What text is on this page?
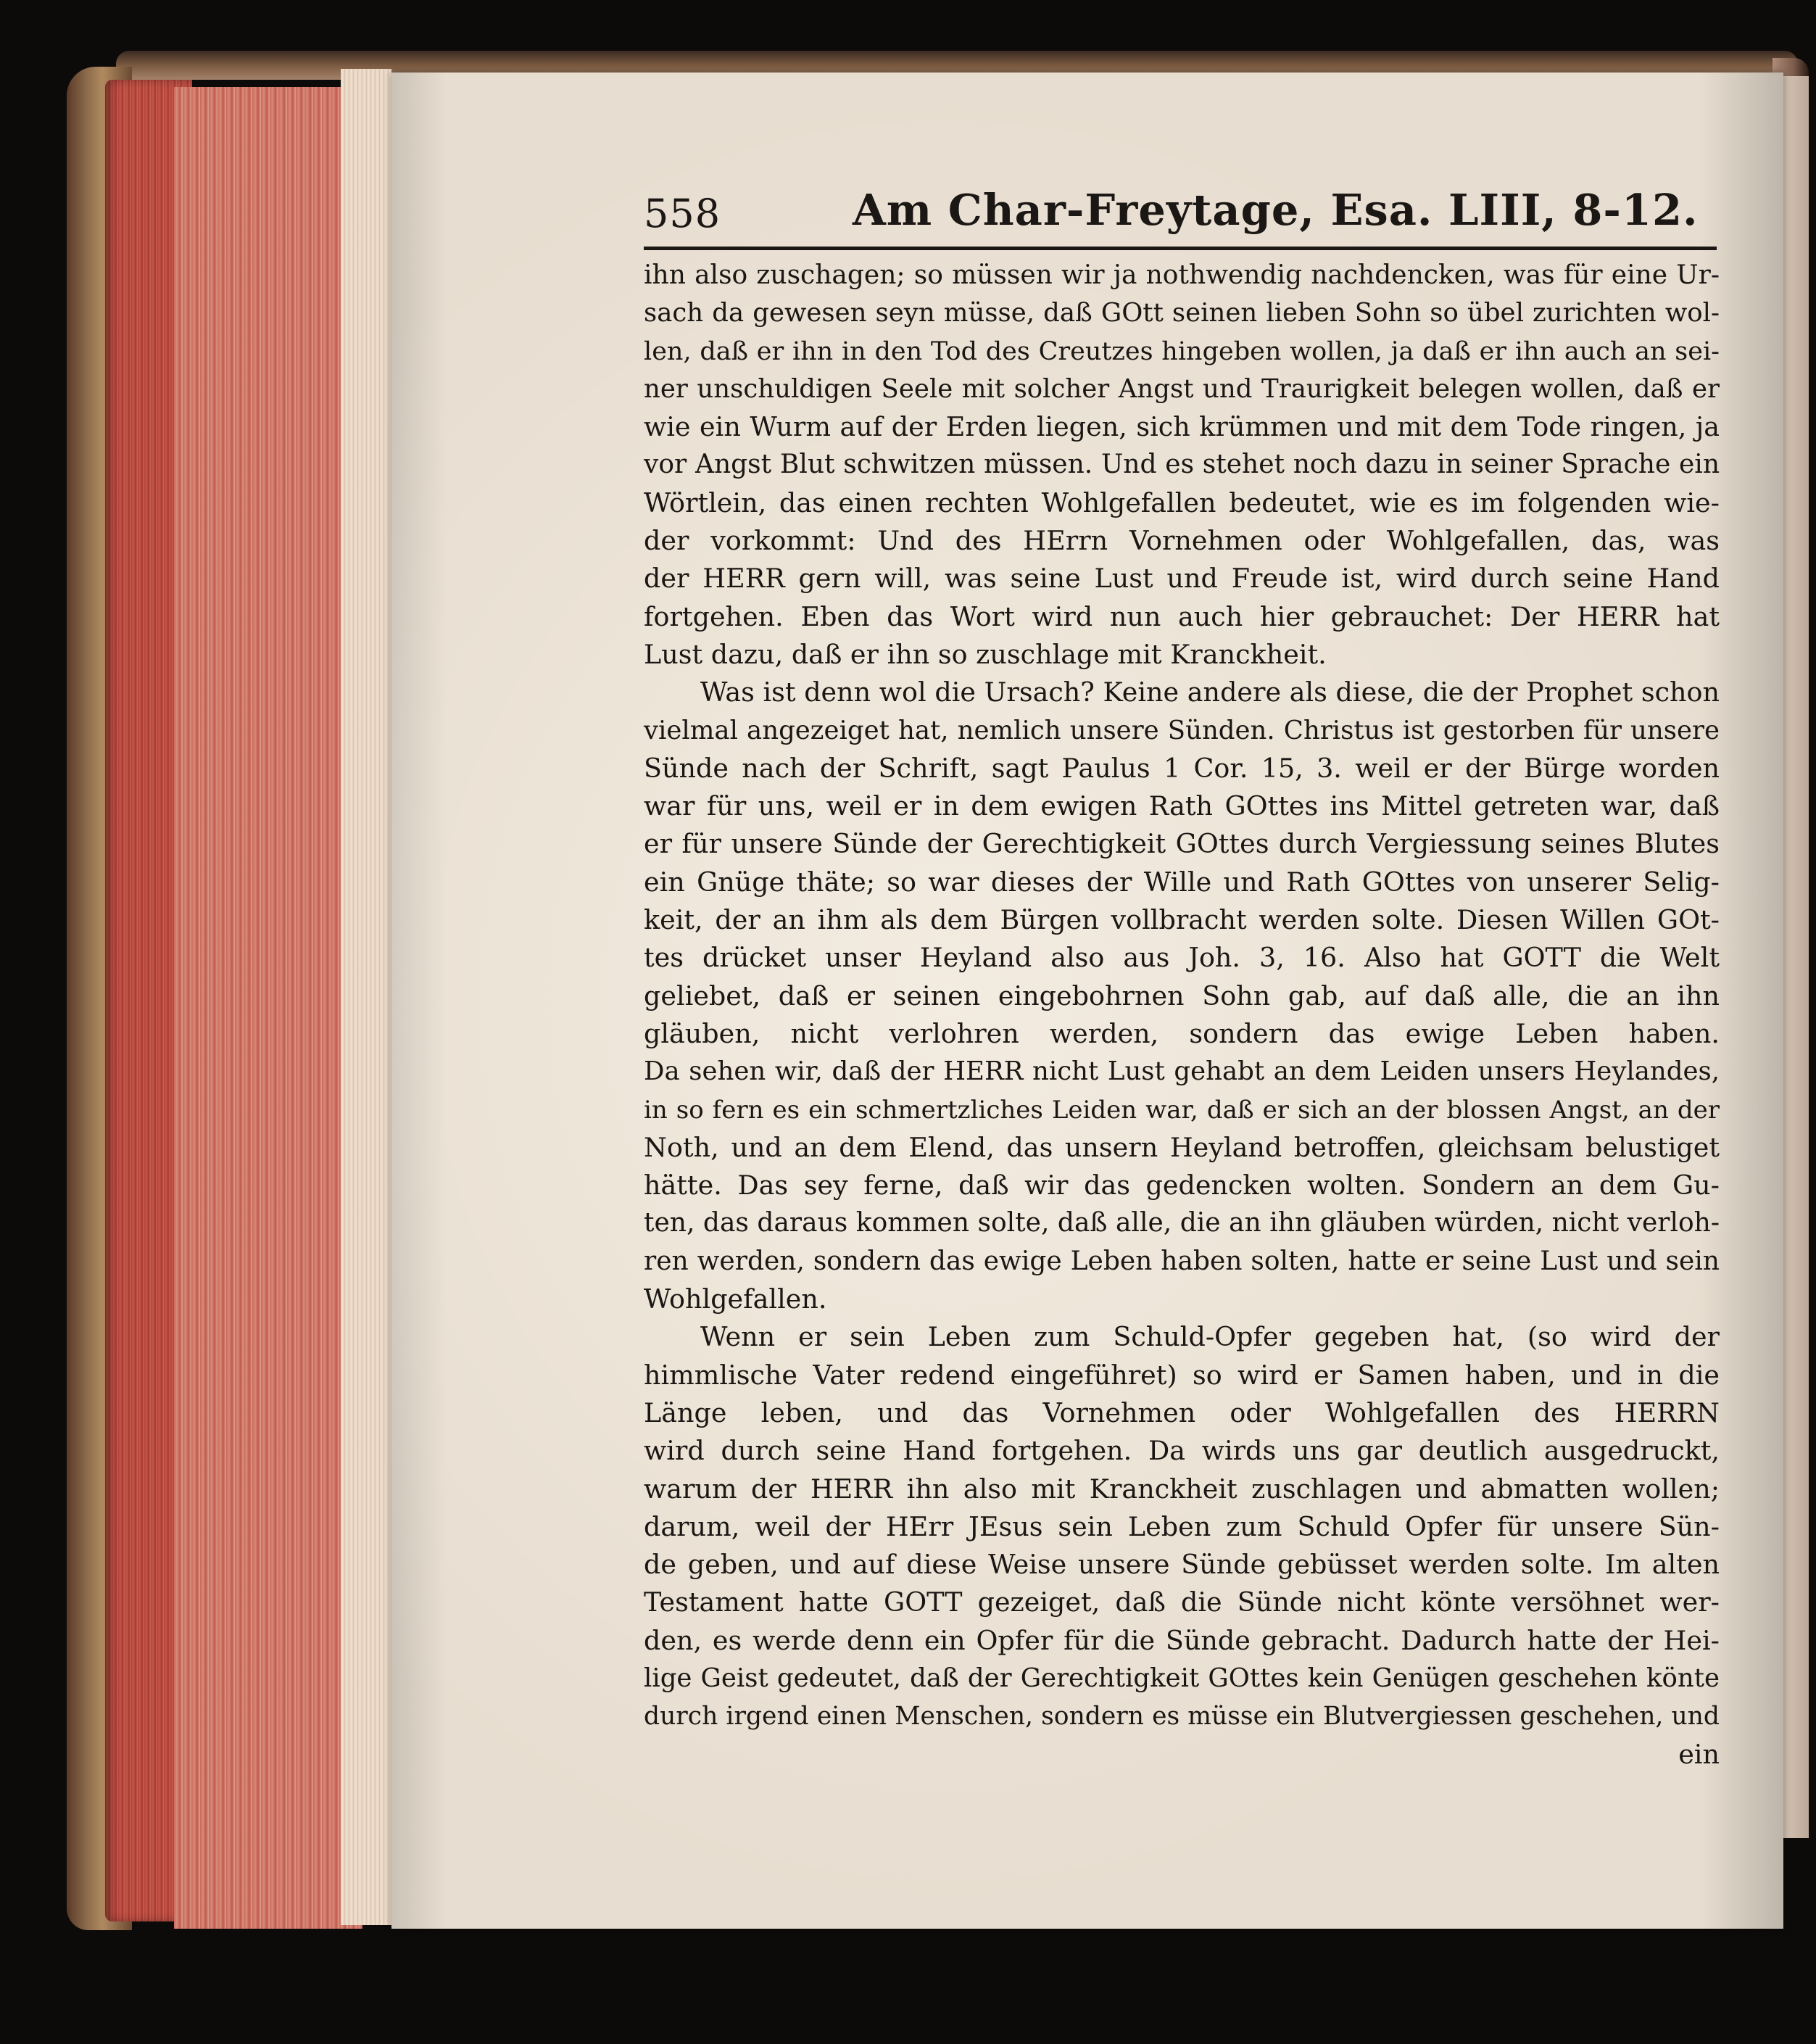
558	Am Char-Freytage, Esa. LIII, 8-12.
ihn also zuschagen; so müssen wir ja nothwendig nachdencken, was für eine Ur-
sach da gewesen seyn müsse, daß GOtt seinen lieben Sohn so übel zurichten wol-
len, daß er ihn in den Tod des Creutzes hingeben wollen, ja daß er ihn auch an sei-
ner unschuldigen Seele mit solcher Angst und Traurigkeit belegen wollen, daß er
wie ein Wurm auf der Erden liegen, sich krümmen und mit dem Tode ringen, ja
vor Angst Blut schwitzen müssen. Und es stehet noch dazu in seiner Sprache ein
Wörtlein, das einen rechten Wohlgefallen bedeutet, wie es im folgenden wie-
der vorkommt: Und des HErrn Vornehmen oder Wohlgefallen, das, was
der HERR gern will, was seine Lust und Freude ist, wird durch seine Hand
fortgehen. Eben das Wort wird nun auch hier gebrauchet: Der HERR hat
Lust dazu, daß er ihn so zuschlage mit Kranckheit.
Was ist denn wol die Ursach? Keine andere als diese, die der Prophet schon
vielmal angezeiget hat, nemlich unsere Sünden. Christus ist gestorben für unsere
Sünde nach der Schrift, sagt Paulus 1 Cor. 15, 3. weil er der Bürge worden
war für uns, weil er in dem ewigen Rath GOttes ins Mittel getreten war, daß
er für unsere Sünde der Gerechtigkeit GOttes durch Vergiessung seines Blutes
ein Gnüge thäte; so war dieses der Wille und Rath GOttes von unserer Selig-
keit, der an ihm als dem Bürgen vollbracht werden solte. Diesen Willen GOt-
tes drücket unser Heyland also aus Joh. 3, 16. Also hat GOTT die Welt
geliebet, daß er seinen eingebohrnen Sohn gab, auf daß alle, die an ihn
gläuben, nicht verlohren werden, sondern das ewige Leben haben.
Da sehen wir, daß der HERR nicht Lust gehabt an dem Leiden unsers Heylandes,
in so fern es ein schmertzliches Leiden war, daß er sich an der blossen Angst, an der
Noth, und an dem Elend, das unsern Heyland betroffen, gleichsam belustiget
hätte. Das sey ferne, daß wir das gedencken wolten. Sondern an dem Gu-
ten, das daraus kommen solte, daß alle, die an ihn gläuben würden, nicht verloh-
ren werden, sondern das ewige Leben haben solten, hatte er seine Lust und sein
Wohlgefallen.
Wenn er sein Leben zum Schuld-Opfer gegeben hat, (so wird der
himmlische Vater redend eingeführet) so wird er Samen haben, und in die
Länge leben, und das Vornehmen oder Wohlgefallen des HERRN
wird durch seine Hand fortgehen. Da wirds uns gar deutlich ausgedruckt,
warum der HERR ihn also mit Kranckheit zuschlagen und abmatten wollen;
darum, weil der HErr JEsus sein Leben zum Schuld Opfer für unsere Sün-
de geben, und auf diese Weise unsere Sünde gebüsset werden solte. Im alten
Testament hatte GOTT gezeiget, daß die Sünde nicht könte versöhnet wer-
den, es werde denn ein Opfer für die Sünde gebracht. Dadurch hatte der Hei-
lige Geist gedeutet, daß der Gerechtigkeit GOttes kein Genügen geschehen könte
durch irgend einen Menschen, sondern es müsse ein Blutvergiessen geschehen, und
ein
